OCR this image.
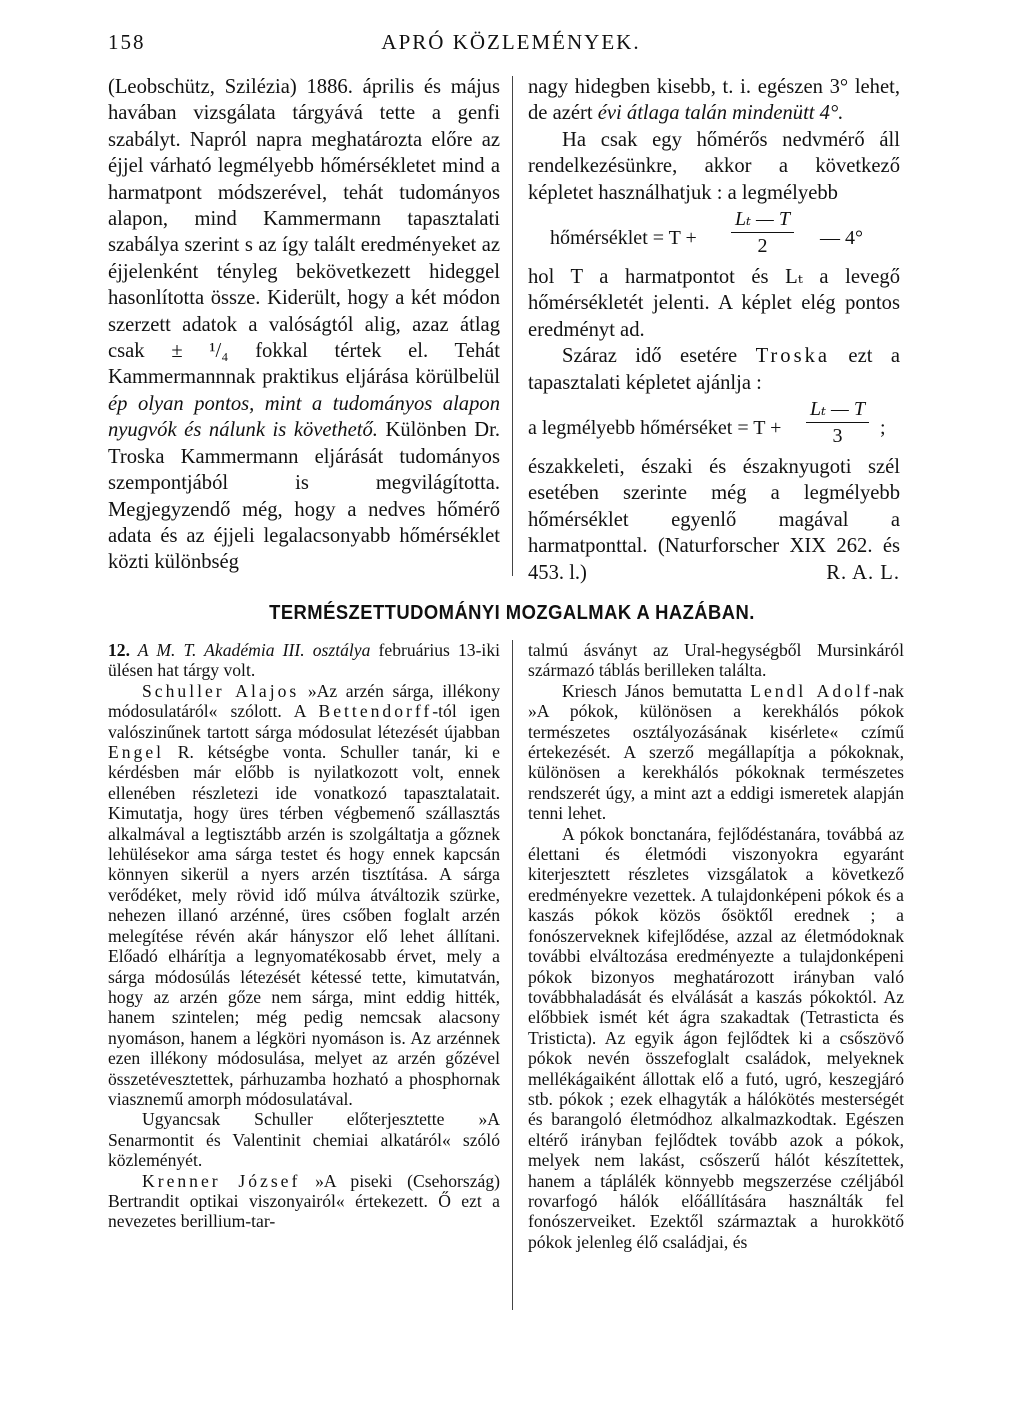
158	APRÓ KÖZLEMÉNYEK.

(Leobschütz, Szilézia) 1886. április és május havában vizsgálata tárgyává tette a genfi szabályt. Napról napra meghatározta előre az éjjel várható legmélyebb hőmérsékletet mind a harmatpont módszerével, tehát tudományos alapon, mind Kammermann tapasztalati szabálya szerint s az így talált eredményeket az éjjelenként tényleg bekövetkezett hideggel hasonlította össze. Kiderült, hogy a két módon szerzett adatok a valóságtól alig, azaz átlag csak ± ¹/₄ fokkal tértek el. Tehát Kammermannnak praktikus eljárása körülbelül ép olyan pontos, mint a tudományos alapon nyugvók és nálunk is követhető. Különben Dr. Troska Kammermann eljárását tudományos szempontjából is megvilágította. Megjegyzendő még, hogy a nedves hőmérő adata és az éjjeli legalacsonyabb hőmérséklet közti különbség

nagy hidegben kisebb, t. i. egészen 3° lehet, de azért évi átlaga talán mindenütt 4°.

Ha csak egy hőmérős nedvmérő áll rendelkezésünkre, akkor a következő képletet használhatjuk : a legmélyebb

hőmérséklet = $T + \frac{\text{Lₜ — T}}{2}$ — 4°

hol T a harmatpontot és Lₜ a levegő hőmérsékletét jelenti. A képlet elég pontos eredményt ad.

Száraz idő esetére Troska ezt a tapasztalati képletet ajánlja :

a legmélyebb hőmérséket = $T + \frac{\text{Lₜ — T}}{3}$ ;

északkeleti, északi és északnyugoti szél esetében szerinte még a legmélyebb hőmérséklet egyenlő magával a harmatponttal. (Naturforscher XIX 262. és 453. l.)	R. A. L.

TERMÉSZETTUDOMÁNYI MOZGALMAK A HAZÁBAN.

12. A M. T. Akadémia III. osztálya februárius 13-iki ülésen hat tárgy volt.

Schuller Alajos »Az arzén sárga, illékony módosulatáról« szólott. A Bettendorff-tól igen valószinűnek tartott sárga módosulat létezését újabban Engel R. kétségbe vonta. Schuller tanár, ki e kérdésben már előbb is nyilatkozott volt, ennek ellenében részletezi ide vonatkozó tapasztalatait. Kimutatja, hogy üres térben végbemenő szállasztás alkalmával a legtisztább arzén is szolgáltatja a gőznek lehülésekor ama sárga testet és hogy ennek kapcsán könnyen sikerül a nyers arzén tisztítása. A sárga verődéket, mely rövid idő múlva átváltozik szürke, nehezen illanó arzénné, üres csőben foglalt arzén melegítése révén akár hányszor elő lehet állítani. Előadó elhárítja a legnyomatékosabb érvet, mely a sárga módosúlás létezését kétessé tette, kimutatván, hogy az arzén gőze nem sárga, mint eddig hitték, hanem szintelen; még pedig nemcsak alacsony nyomáson, hanem a légköri nyomáson is. Az arzénnek ezen illékony módosulása, melyet az arzén gőzével összetévesztettek, párhuzamba hozható a phosphornak viasznemű amorph módosulatával.

Ugyancsak Schuller előterjesztette »A Senarmontit és Valentinit chemiai alkatáról« szóló közleményét.

Krenner József »A piseki (Csehország) Bertrandit optikai viszonyairól« értekezett. Ő ezt a nevezetes berillium-tar-

talmú ásványt az Ural-hegységből Mursinkáról származó táblás berilleken találta.

Kriesch János bemutatta Lendl Adolf-nak »A pókok, különösen a kerekhálós pókok természetes osztályozásának kisérlete« czímű értekezését. A szerző megállapítja a pókoknak, különösen a kerekhálós pókoknak természetes rendszerét úgy, a mint azt a eddigi ismeretek alapján tenni lehet.

A pókok bonctanára, fejlődéstanára, továbbá az élettani és életmódi viszonyokra egyaránt kiterjesztett részletes vizsgálatok a következő eredményekre vezettek. A tulajdonképeni pókok és a kaszás pókok közös ősöktől erednek ; a fonószerveknek kifejlődése, azzal az életmódoknak további elváltozása eredményezte a tulajdonképeni pókok bizonyos meghatározott irányban való továbbhaladását és elválását a kaszás pókoktól. Az előbbiek ismét két ágra szakadtak (Tetrasticta és Tristicta). Az egyik ágon fejlődtek ki a csőszövő pókok nevén összefoglalt családok, melyeknek mellékágaiként állottak elő a futó, ugró, keszegjáró stb. pókok ; ezek elhagyták a hálókötés mesterségét és barangoló életmódhoz alkalmazkodtak. Egészen eltérő irányban fejlődtek tovább azok a pókok, melyek nem lakást, csőszerű hálót készítettek, hanem a táplálék könnyebb megszerzése czéljából rovarfogó hálók előállítására használták fel fonószerveiket. Ezektől származtak a hurokkötő pókok jelenleg élő családjai, és
